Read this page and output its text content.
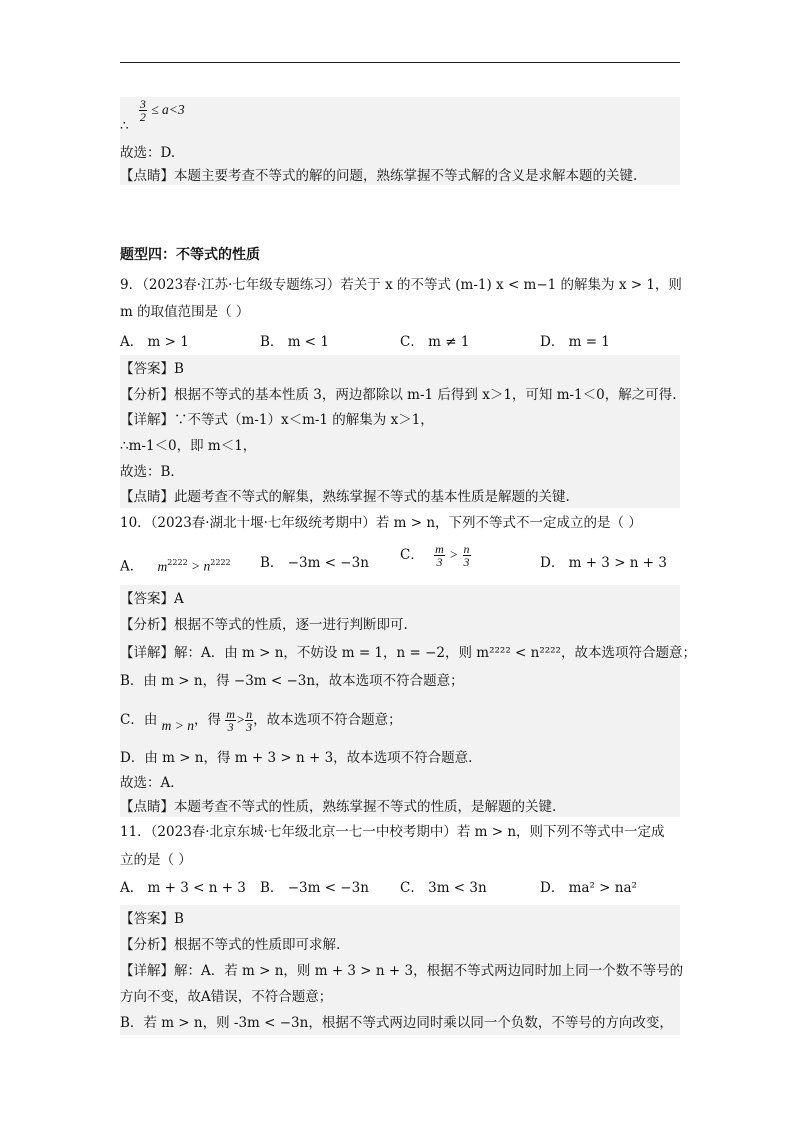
∴
$\frac{3}{2} \le a<3$
故选：D.
【点睛】本题主要考查不等式的解的问题，熟练掌握不等式解的含义是求解本题的关键.
题型四：不等式的性质
9．（2023春·江苏·七年级专题练习）若关于 x 的不等式 (m-1) x < m−1 的解集为 x > 1，则
m 的取值范围是（ ）
A． m > 1	B． m < 1	C． m ≠ 1	D． m = 1
【答案】B
【分析】根据不等式的基本性质 3，两边都除以 m-1 后得到 x＞1，可知 m-1＜0，解之可得.
【详解】∵不等式（m-1）x＜m-1 的解集为 x＞1，
∴m-1＜0，即 m＜1，
故选：B．
【点睛】此题考查不等式的解集，熟练掌握不等式的基本性质是解题的关键.
10．（2023春·湖北十堰·七年级统考期中）若 m > n，下列不等式不一定成立的是（ ）
A． $m^{2222} > n^{2222}$ B． −3m < −3n C． $\frac{m}{3} > \frac{n}{3}$	D． m + 3 > n + 3
【答案】A
【分析】根据不等式的性质，逐一进行判断即可.
【详解】解：A．由 m > n，不妨设 m = 1，n = −2，则 m²²²² < n²²²²，故本选项符合题意；
B．由 m > n，得 −3m < −3n，故本选项不符合题意；
C．由 m > n，得 $\frac{m}{3} > \frac{n}{3}$ ，故本选项不符合题意；
D．由 m > n，得 m + 3 > n + 3，故本选项不符合题意.
故选：A．
【点睛】本题考查不等式的性质，熟练掌握不等式的性质，是解题的关键.
11．（2023春·北京东城·七年级北京一七一中校考期中）若 m > n，则下列不等式中一定成
立的是（ ）
A． m + 3 < n + 3 B． −3m < −3n C． 3m < 3n	D． ma² > na²
【答案】B
【分析】根据不等式的性质即可求解.
【详解】解：A．若 m > n，则 m + 3 > n + 3，根据不等式两边同时加上同一个数不等号的
方向不变，故A错误，不符合题意；
B．若 m > n，则 -3m < −3n，根据不等式两边同时乘以同一个负数，不等号的方向改变，
